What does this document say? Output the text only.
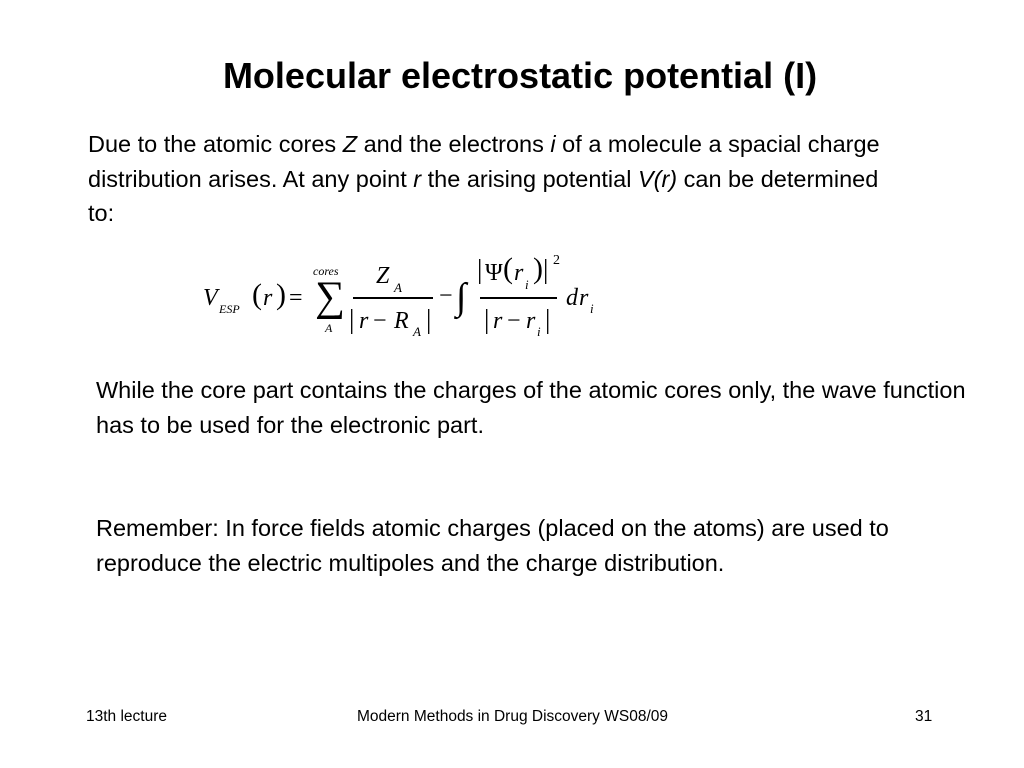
Molecular electrostatic potential (I)
Due to the atomic cores Z and the electrons i of a molecule a spacial charge distribution arises. At any point r the arising potential V(r) can be determined to:
V ESP ( r ) =
cores
∑
A
Z A
| r − R A |
− ∫
| Ψ ( r i ) | 2
| r − r i |
d r i
While the core part contains the charges of the atomic cores only, the wave function has to be used for the electronic part.
Remember: In force fields atomic charges (placed on the atoms) are used to reproduce the electric multipoles and the charge distribution.
13th lecture	Modern Methods in Drug Discovery WS08/09	31
